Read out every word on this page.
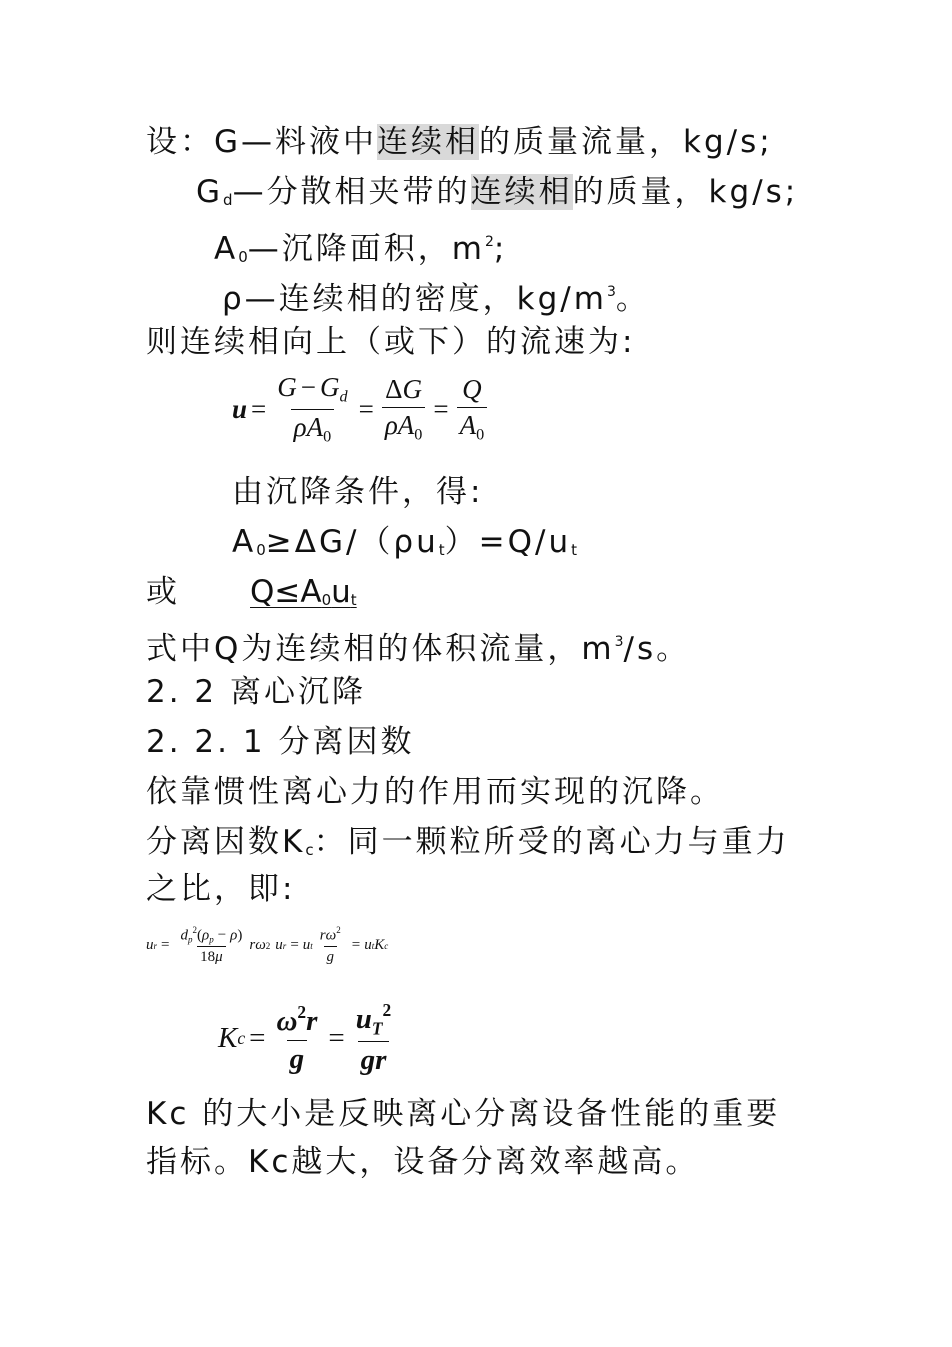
设：G—料液中连续相的质量流量，kg/s;
$G_d—$分散相夹带的连续相的质量，kg/s;
$A_0—$沉降面积，$m^2$;
ρ—连续相的密度，$kg/m^3$。
则连续相向上（或下）的流速为:
$u = \frac{G - G_d}{\rho A_0} = \frac{\Delta G}{\rho A_0} = \frac{Q}{A_0}$
由沉降条件，得:
$A_0\ge\Delta G/(\rho u_t)=Q/u_t$
或 $Q\le A_0u_t$
式中Q为连续相的体积流量，$m^3/s$。
2. 2 离心沉降
2. 2. 1 分离因数
依靠惯性离心力的作用而实现的沉降。
分离因数$K_c$：同一颗粒所受的离心力与重力
之比，即:
u $r = \frac{d_p^2(\rho_p - \rho)}{18\mu}$ rω 2 u r = u t $\frac{r\omega^2}{g} = u$ t K c
K $c = \frac{\omega^2r}{g} = \frac{u_T^2}{gr}$
Kc 的大小是反映离心分离设备性能的重要
指标。Kc越大，设备分离效率越高。
